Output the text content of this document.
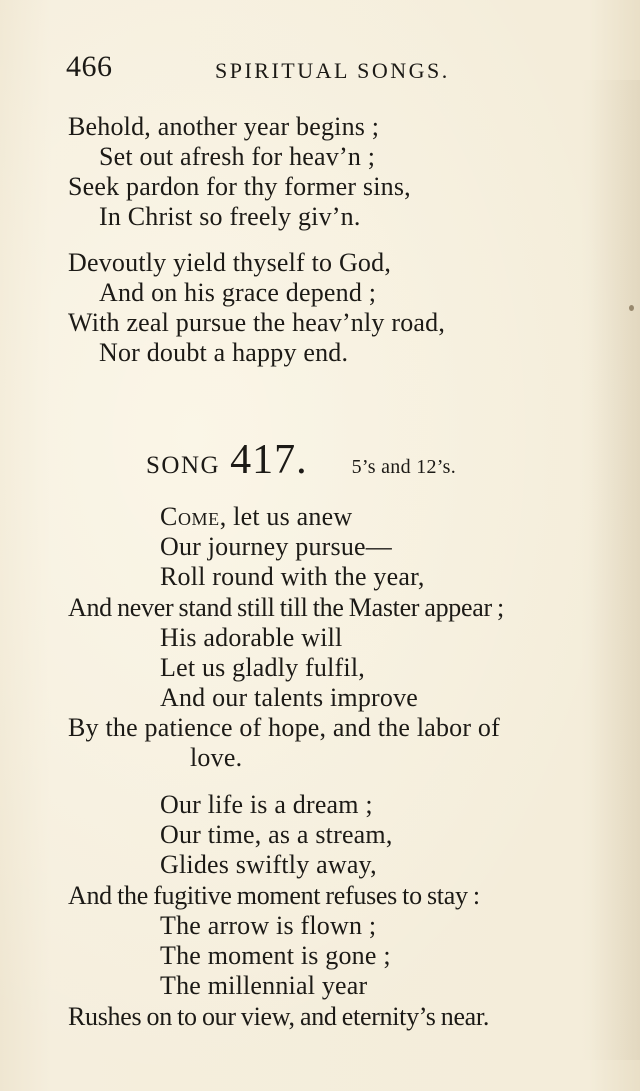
466	SPIRITUAL SONGS.
Behold, another year begins ;
Set out afresh for heav’n ;
Seek pardon for thy former sins,
In Christ so freely giv’n.
Devoutly yield thyself to God,
And on his grace depend ;
With zeal pursue the heav’nly road,
Nor doubt a happy end.
SONG 417. 5’s and 12’s.
Come, let us anew
Our journey pursue—
Roll round with the year,
And never stand still till the Master appear ;
His adorable will
Let us gladly fulfil,
And our talents improve
By the patience of hope, and the labor of
love.
Our life is a dream ;
Our time, as a stream,
Glides swiftly away,
And the fugitive moment refuses to stay :
The arrow is flown ;
The moment is gone ;
The millennial year
Rushes on to our view, and eternity’s near.
